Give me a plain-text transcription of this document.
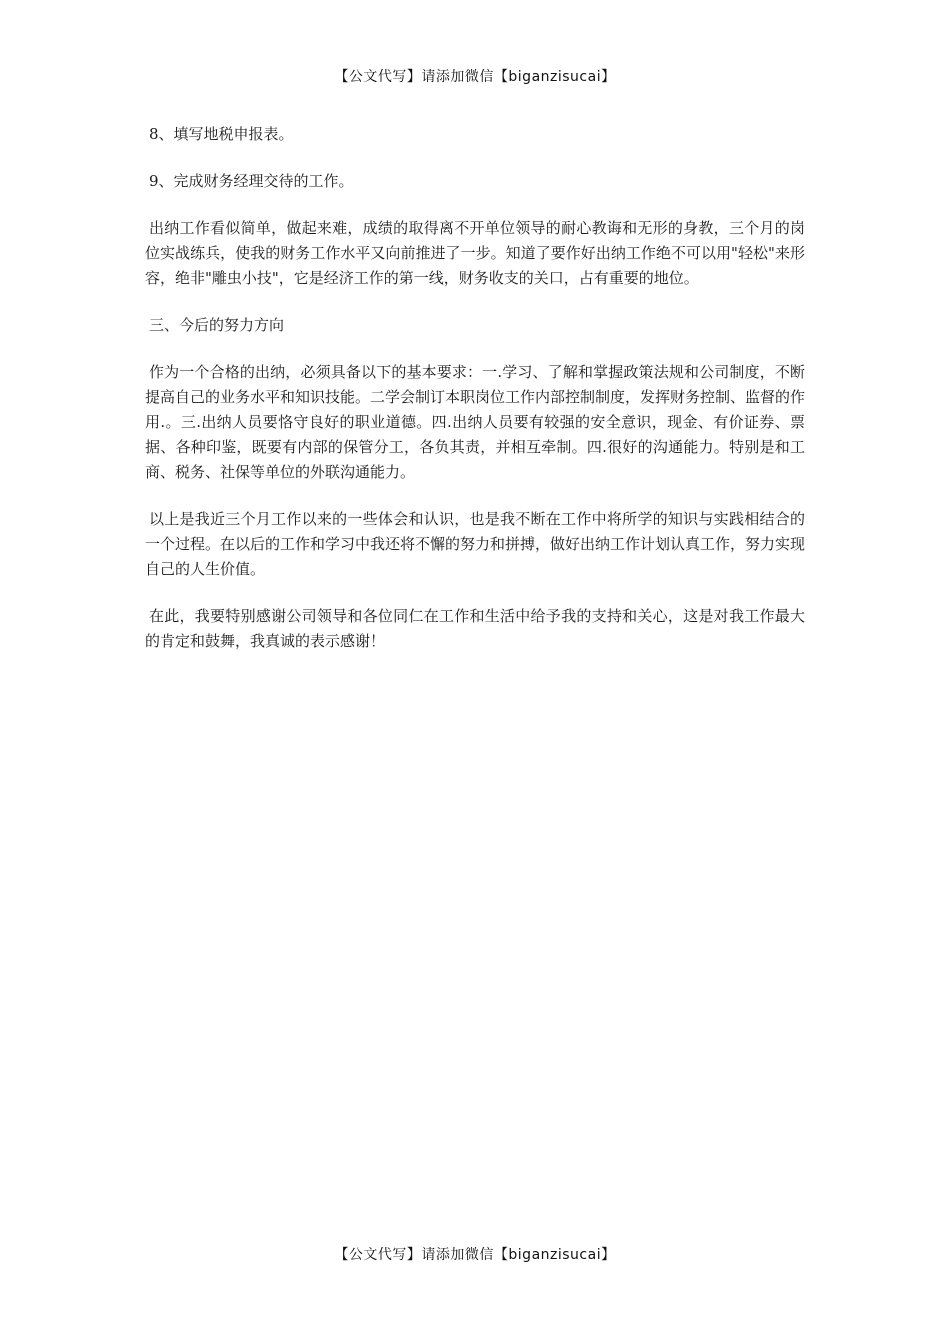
【公文代写】请添加微信【biganzisucai】

8、填写地税申报表。

9、完成财务经理交待的工作。

出纳工作看似简单，做起来难，成绩的取得离不开单位领导的耐心教诲和无形的身教，三个月的岗位实战练兵，使我的财务工作水平又向前推进了一步。知道了要作好出纳工作绝不可以用"轻松"来形容，绝非"雕虫小技"，它是经济工作的第一线，财务收支的关口，占有重要的地位。

三、今后的努力方向

作为一个合格的出纳，必须具备以下的基本要求：一.学习、了解和掌握政策法规和公司制度，不断提高自己的业务水平和知识技能。二学会制订本职岗位工作内部控制制度，发挥财务控制、监督的作用.。三.出纳人员要恪守良好的职业道德。四.出纳人员要有较强的安全意识，现金、有价证券、票据、各种印鉴，既要有内部的保管分工，各负其责，并相互牵制。四.很好的沟通能力。特别是和工商、税务、社保等单位的外联沟通能力。

以上是我近三个月工作以来的一些体会和认识，也是我不断在工作中将所学的知识与实践相结合的一个过程。在以后的工作和学习中我还将不懈的努力和拼搏，做好出纳工作计划认真工作，努力实现自己的人生价值。

在此，我要特别感谢公司领导和各位同仁在工作和生活中给予我的支持和关心，这是对我工作最大的肯定和鼓舞，我真诚的表示感谢！

【公文代写】请添加微信【biganzisucai】
